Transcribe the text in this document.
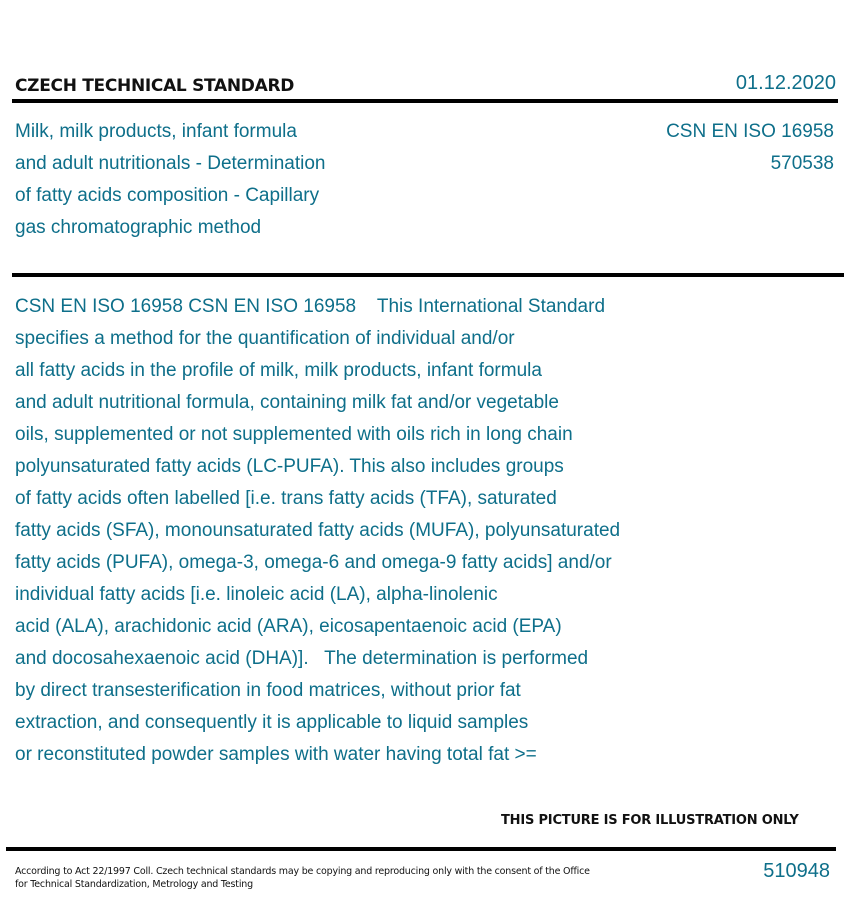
CZECH TECHNICAL STANDARD	01.12.2020
Milk, milk products, infant formula
and adult nutritionals - Determination
of fatty acids composition - Capillary
gas chromatographic method
CSN EN ISO 16958
570538
CSN EN ISO 16958 CSN EN ISO 16958    This International Standard
specifies a method for the quantification of individual and/or
all fatty acids in the profile of milk, milk products, infant formula
and adult nutritional formula, containing milk fat and/or vegetable
oils, supplemented or not supplemented with oils rich in long chain
polyunsaturated fatty acids (LC-PUFA). This also includes groups
of fatty acids often labelled [i.e. trans fatty acids (TFA), saturated
fatty acids (SFA), monounsaturated fatty acids (MUFA), polyunsaturated
fatty acids (PUFA), omega-3, omega-6 and omega-9 fatty acids] and/or
individual fatty acids [i.e. linoleic acid (LA), alpha-linolenic
acid (ALA), arachidonic acid (ARA), eicosapentaenoic acid (EPA)
and docosahexaenoic acid (DHA)].   The determination is performed
by direct transesterification in food matrices, without prior fat
extraction, and consequently it is applicable to liquid samples
or reconstituted powder samples with water having total fat >=
THIS PICTURE IS FOR ILLUSTRATION ONLY
According to Act 22/1997 Coll. Czech technical standards may be copying and reproducing only with the consent of the Office
for Technical Standardization, Metrology and Testing
510948
